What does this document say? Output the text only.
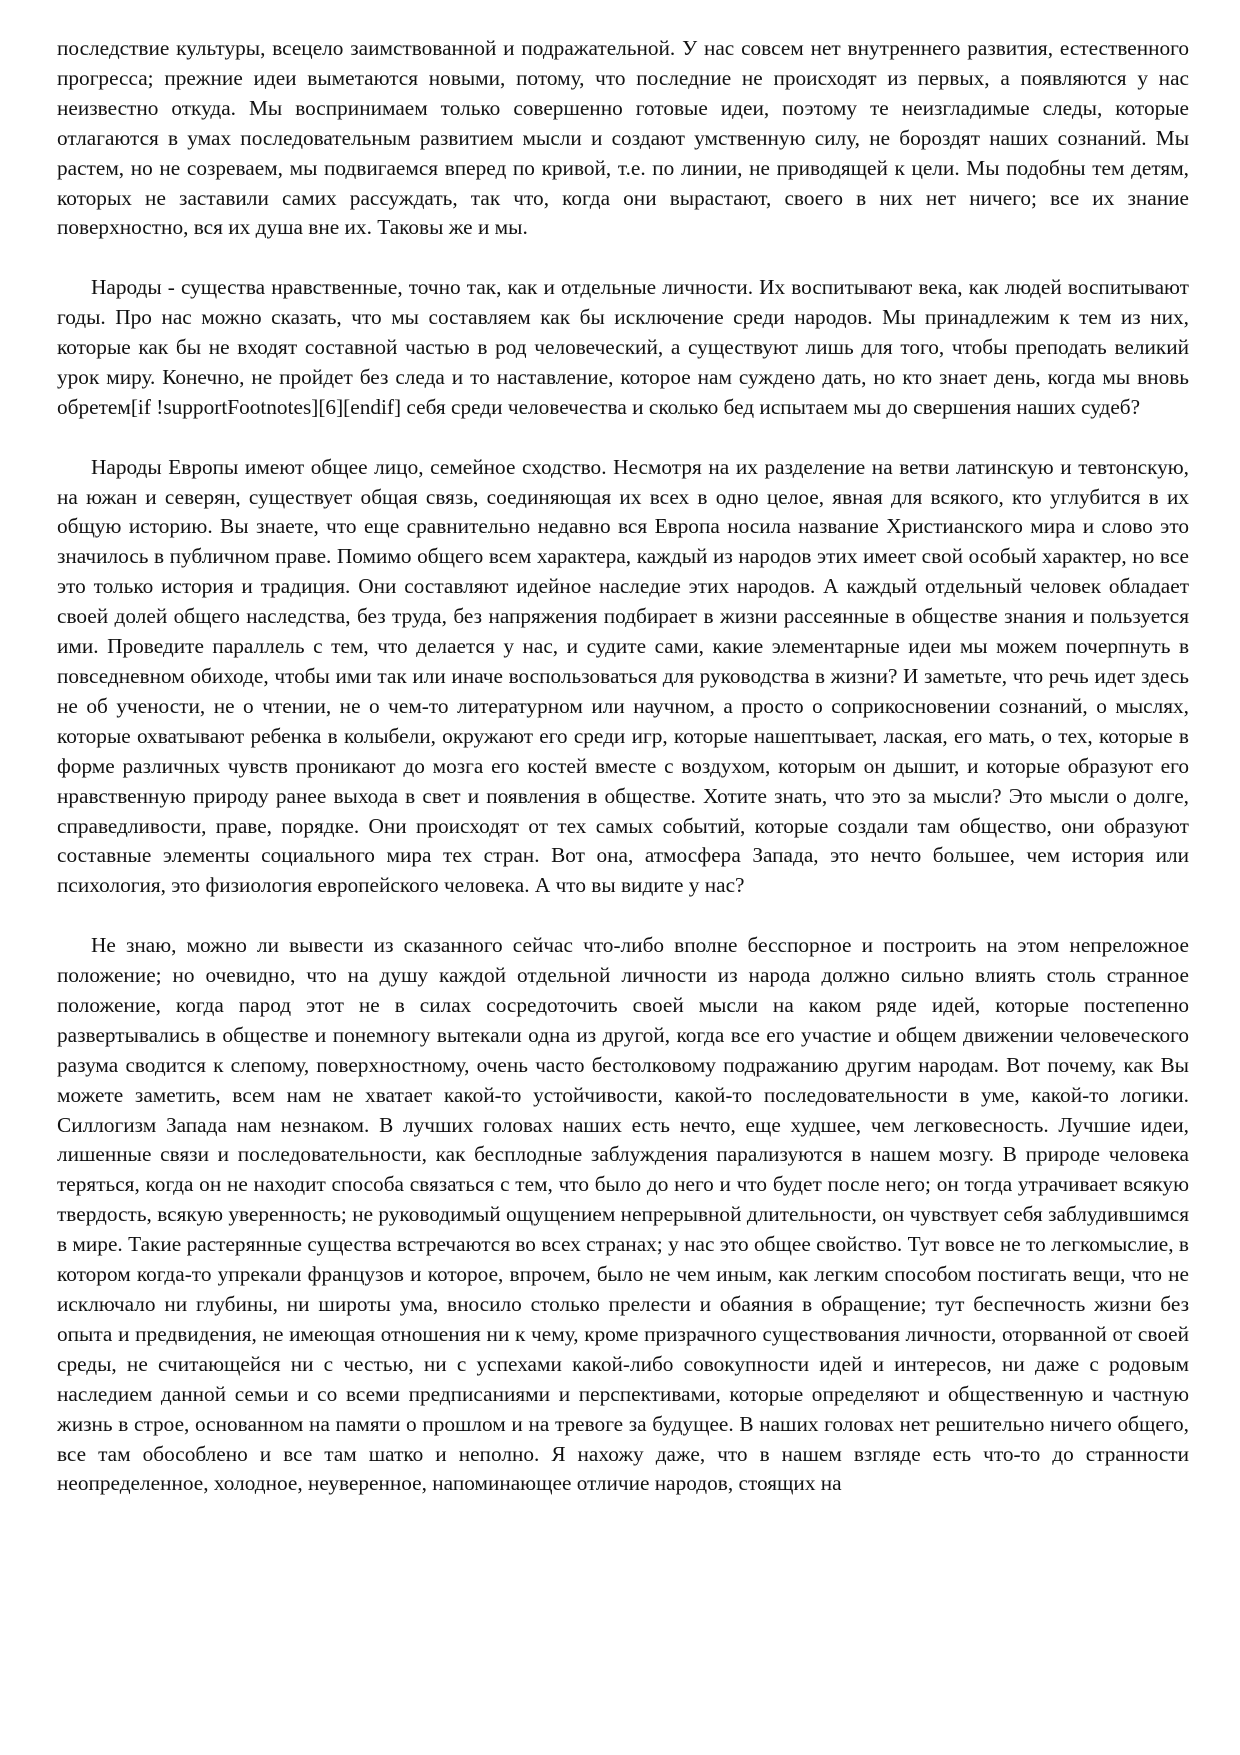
последствие культуры, всецело заимствованной и подражательной. У нас совсем нет внутреннего развития, естественного прогресса; прежние идеи выметаются новыми, потому, что последние не происходят из первых, а появляются у нас неизвестно откуда. Мы воспринимаем только совершенно готовые идеи, поэтому те неизгладимые следы, которые отлагаются в умах последовательным развитием мысли и создают умственную силу, не бороздят наших сознаний. Мы растем, но не созреваем, мы подвигаемся вперед по кривой, т.е. по линии, не приводящей к цели. Мы подобны тем детям, которых не заставили самих рассуждать, так что, когда они вырастают, своего в них нет ничего; все их знание поверхностно, вся их душа вне их. Таковы же и мы.

Народы - существа нравственные, точно так, как и отдельные личности. Их воспитывают века, как людей воспитывают годы. Про нас можно сказать, что мы составляем как бы исключение среди народов. Мы принадлежим к тем из них, которые как бы не входят составной частью в род человеческий, а существуют лишь для того, чтобы преподать великий урок миру. Конечно, не пройдет без следа и то наставление, которое нам суждено дать, но кто знает день, когда мы вновь обретем[if !supportFootnotes][6][endif] себя среди человечества и сколько бед испытаем мы до свершения наших судеб?

Народы Европы имеют общее лицо, семейное сходство. Несмотря на их разделение на ветви латинскую и тевтонскую, на южан и северян, существует общая связь, соединяющая их всех в одно целое, явная для всякого, кто углубится в их общую историю. Вы знаете, что еще сравнительно недавно вся Европа носила название Христианского мира и слово это значилось в публичном праве. Помимо общего всем характера, каждый из народов этих имеет свой особый характер, но все это только история и традиция. Они составляют идейное наследие этих народов. А каждый отдельный человек обладает своей долей общего наследства, без труда, без напряжения подбирает в жизни рассеянные в обществе знания и пользуется ими. Проведите параллель с тем, что делается у нас, и судите сами, какие элементарные идеи мы можем почерпнуть в повседневном обиходе, чтобы ими так или иначе воспользоваться для руководства в жизни? И заметьте, что речь идет здесь не об учености, не о чтении, не о чем-то литературном или научном, а просто о соприкосновении сознаний, о мыслях, которые охватывают ребенка в колыбели, окружают его среди игр, которые нашептывает, лаская, его мать, о тех, которые в форме различных чувств проникают до мозга его костей вместе с воздухом, которым он дышит, и которые образуют его нравственную природу ранее выхода в свет и появления в обществе. Хотите знать, что это за мысли? Это мысли о долге, справедливости, праве, порядке. Они происходят от тех самых событий, которые создали там общество, они образуют составные элементы социального мира тех стран. Вот она, атмосфера Запада, это нечто большее, чем история или психология, это физиология европейского человека. А что вы видите у нас?

Не знаю, можно ли вывести из сказанного сейчас что-либо вполне бесспорное и построить на этом непреложное положение; но очевидно, что на душу каждой отдельной личности из народа должно сильно влиять столь странное положение, когда парод этот не в силах сосредоточить своей мысли на каком ряде идей, которые постепенно развертывались в обществе и понемногу вытекали одна из другой, когда все его участие и общем движении человеческого разума сводится к слепому, поверхностному, очень часто бестолковому подражанию другим народам. Вот почему, как Вы можете заметить, всем нам не хватает какой-то устойчивости, какой-то последовательности в уме, какой-то логики. Силлогизм Запада нам незнаком. В лучших головах наших есть нечто, еще худшее, чем легковесность. Лучшие идеи, лишенные связи и последовательности, как бесплодные заблуждения парализуются в нашем мозгу. В природе человека теряться, когда он не находит способа связаться с тем, что было до него и что будет после него; он тогда утрачивает всякую твердость, всякую уверенность; не руководимый ощущением непрерывной длительности, он чувствует себя заблудившимся в мире. Такие растерянные существа встречаются во всех странах; у нас это общее свойство. Тут вовсе не то легкомыслие, в котором когда-то упрекали французов и которое, впрочем, было не чем иным, как легким способом постигать вещи, что не исключало ни глубины, ни широты ума, вносило столько прелести и обаяния в обращение; тут беспечность жизни без опыта и предвидения, не имеющая отношения ни к чему, кроме призрачного существования личности, оторванной от своей среды, не считающейся ни с честью, ни с успехами какой-либо совокупности идей и интересов, ни даже с родовым наследием данной семьи и со всеми предписаниями и перспективами, которые определяют и общественную и частную жизнь в строе, основанном на памяти о прошлом и на тревоге за будущее. В наших головах нет решительно ничего общего, все там обособлено и все там шатко и неполно. Я нахожу даже, что в нашем взгляде есть что-то до странности неопределенное, холодное, неуверенное, напоминающее отличие народов, стоящих на
